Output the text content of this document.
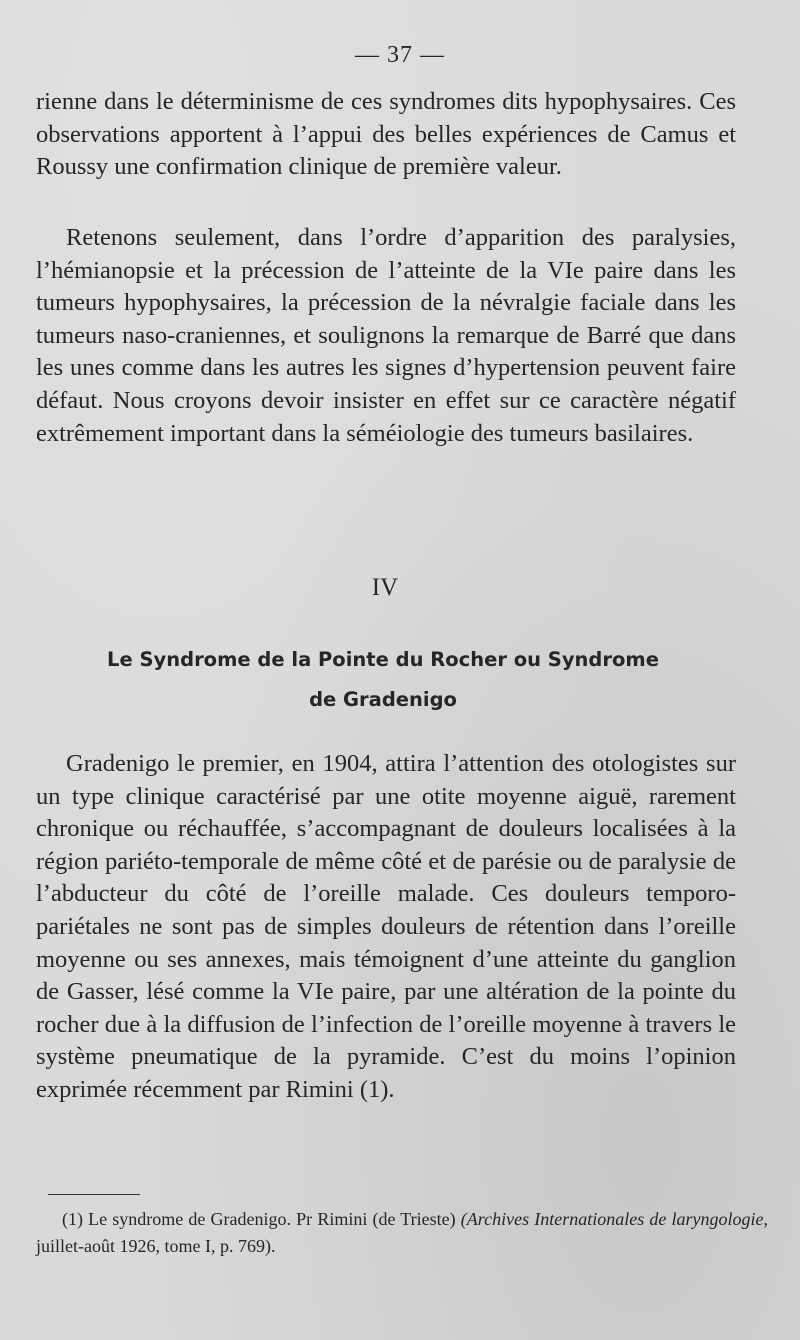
— 37 —

rienne dans le déterminisme de ces syndromes dits hypophysaires. Ces observations apportent à l’appui des belles expériences de Camus et Roussy une confirmation clinique de première valeur.

Retenons seulement, dans l’ordre d’apparition des paralysies, l’hémianopsie et la précession de l’atteinte de la VIe paire dans les tumeurs hypophysaires, la précession de la névralgie faciale dans les tumeurs naso-craniennes, et soulignons la remarque de Barré que dans les unes comme dans les autres les signes d’hypertension peuvent faire défaut. Nous croyons devoir insister en effet sur ce caractère négatif extrêmement important dans la séméiologie des tumeurs basilaires.

IV
Le Syndrome de la Pointe du Rocher ou Syndrome
de Gradenigo

Gradenigo le premier, en 1904, attira l’attention des otologistes sur un type clinique caractérisé par une otite moyenne aiguë, rarement chronique ou réchauffée, s’accompagnant de douleurs localisées à la région pariéto-temporale de même côté et de parésie ou de paralysie de l’abducteur du côté de l’oreille malade. Ces douleurs temporo-pariétales ne sont pas de simples douleurs de rétention dans l’oreille moyenne ou ses annexes, mais témoignent d’une atteinte du ganglion de Gasser, lésé comme la VIe paire, par une altération de la pointe du rocher due à la diffusion de l’infection de l’oreille moyenne à travers le système pneumatique de la pyramide. C’est du moins l’opinion exprimée récemment par Rimini (1).

(1) Le syndrome de Gradenigo. Pr Rimini (de Trieste) (Archives Internationales de laryngologie, juillet-août 1926, tome I, p. 769).
